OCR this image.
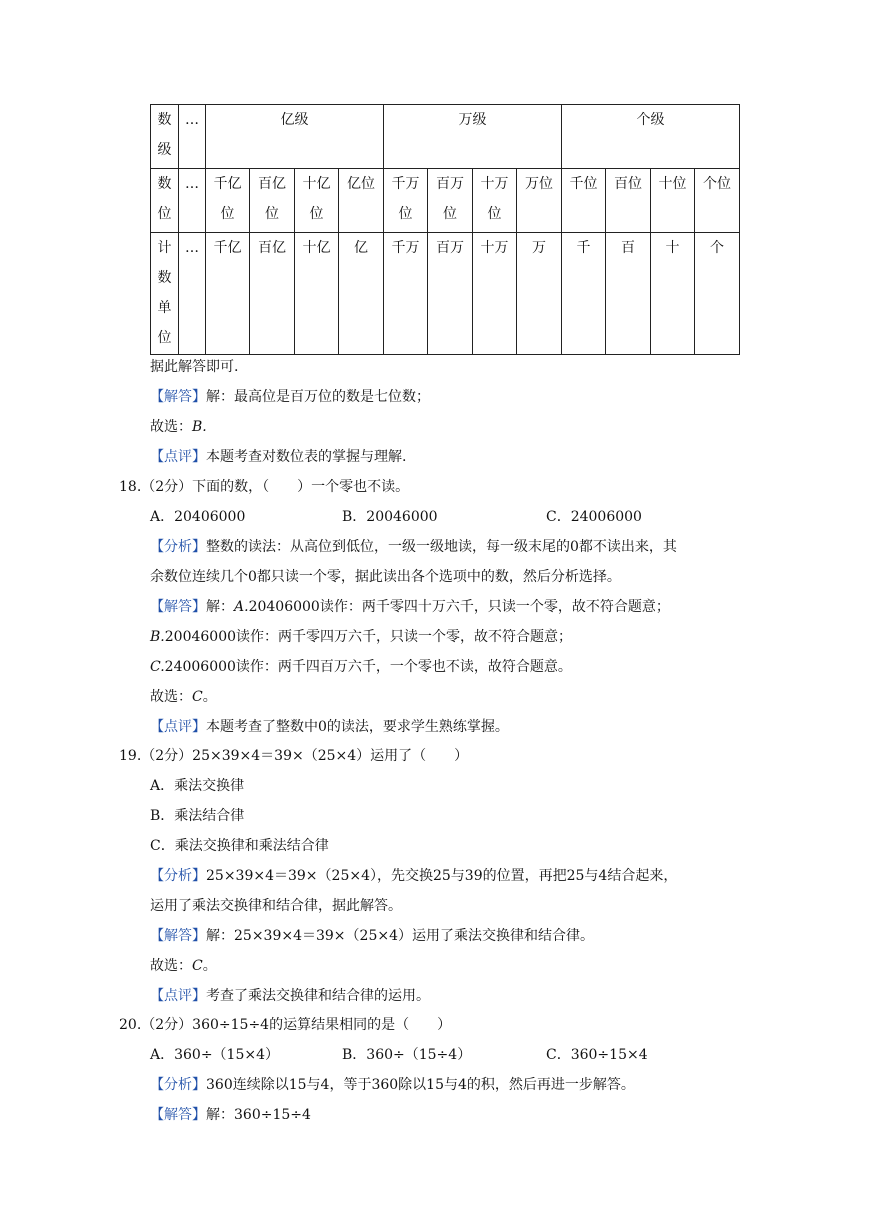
数级	…	亿级				万级				个级			

数位	…	千亿位	百亿位	十亿位	亿位	千万位	百万位	十万位	万位	千位	百位	十位	个位

计数单位	…	千亿	百亿	十亿	亿	千万	百万	十万	万	千	百	十	个
据此解答即可.
【解答】解：最高位是百万位的数是七位数；
故选：B.
【点评】本题考查对数位表的掌握与理解.
18.（2分）下面的数，（　　）一个零也不读。
A．20406000	B．20046000	C．24006000
【分析】整数的读法：从高位到低位，一级一级地读，每一级末尾的0都不读出来，其
余数位连续几个0都只读一个零，据此读出各个选项中的数，然后分析选择。
【解答】解：A.20406000读作：两千零四十万六千，只读一个零，故不符合题意；
B.20046000读作：两千零四万六千，只读一个零，故不符合题意；
C.24006000读作：两千四百万六千，一个零也不读，故符合题意。
故选：C。
【点评】本题考查了整数中0的读法，要求学生熟练掌握。
19.（2分）25×39×4＝39×（25×4）运用了（　　）
A．乘法交换律
B．乘法结合律
C．乘法交换律和乘法结合律
【分析】25×39×4＝39×（25×4），先交换25与39的位置，再把25与4结合起来，
运用了乘法交换律和结合律，据此解答。
【解答】解：25×39×4＝39×（25×4）运用了乘法交换律和结合律。
故选：C。
【点评】考查了乘法交换律和结合律的运用。
20.（2分）360÷15÷4的运算结果相同的是（　　）
A．360÷（15×4）	B．360÷（15÷4）	C．360÷15×4
【分析】360连续除以15与4，等于360除以15与4的积，然后再进一步解答。
【解答】解：360÷15÷4
